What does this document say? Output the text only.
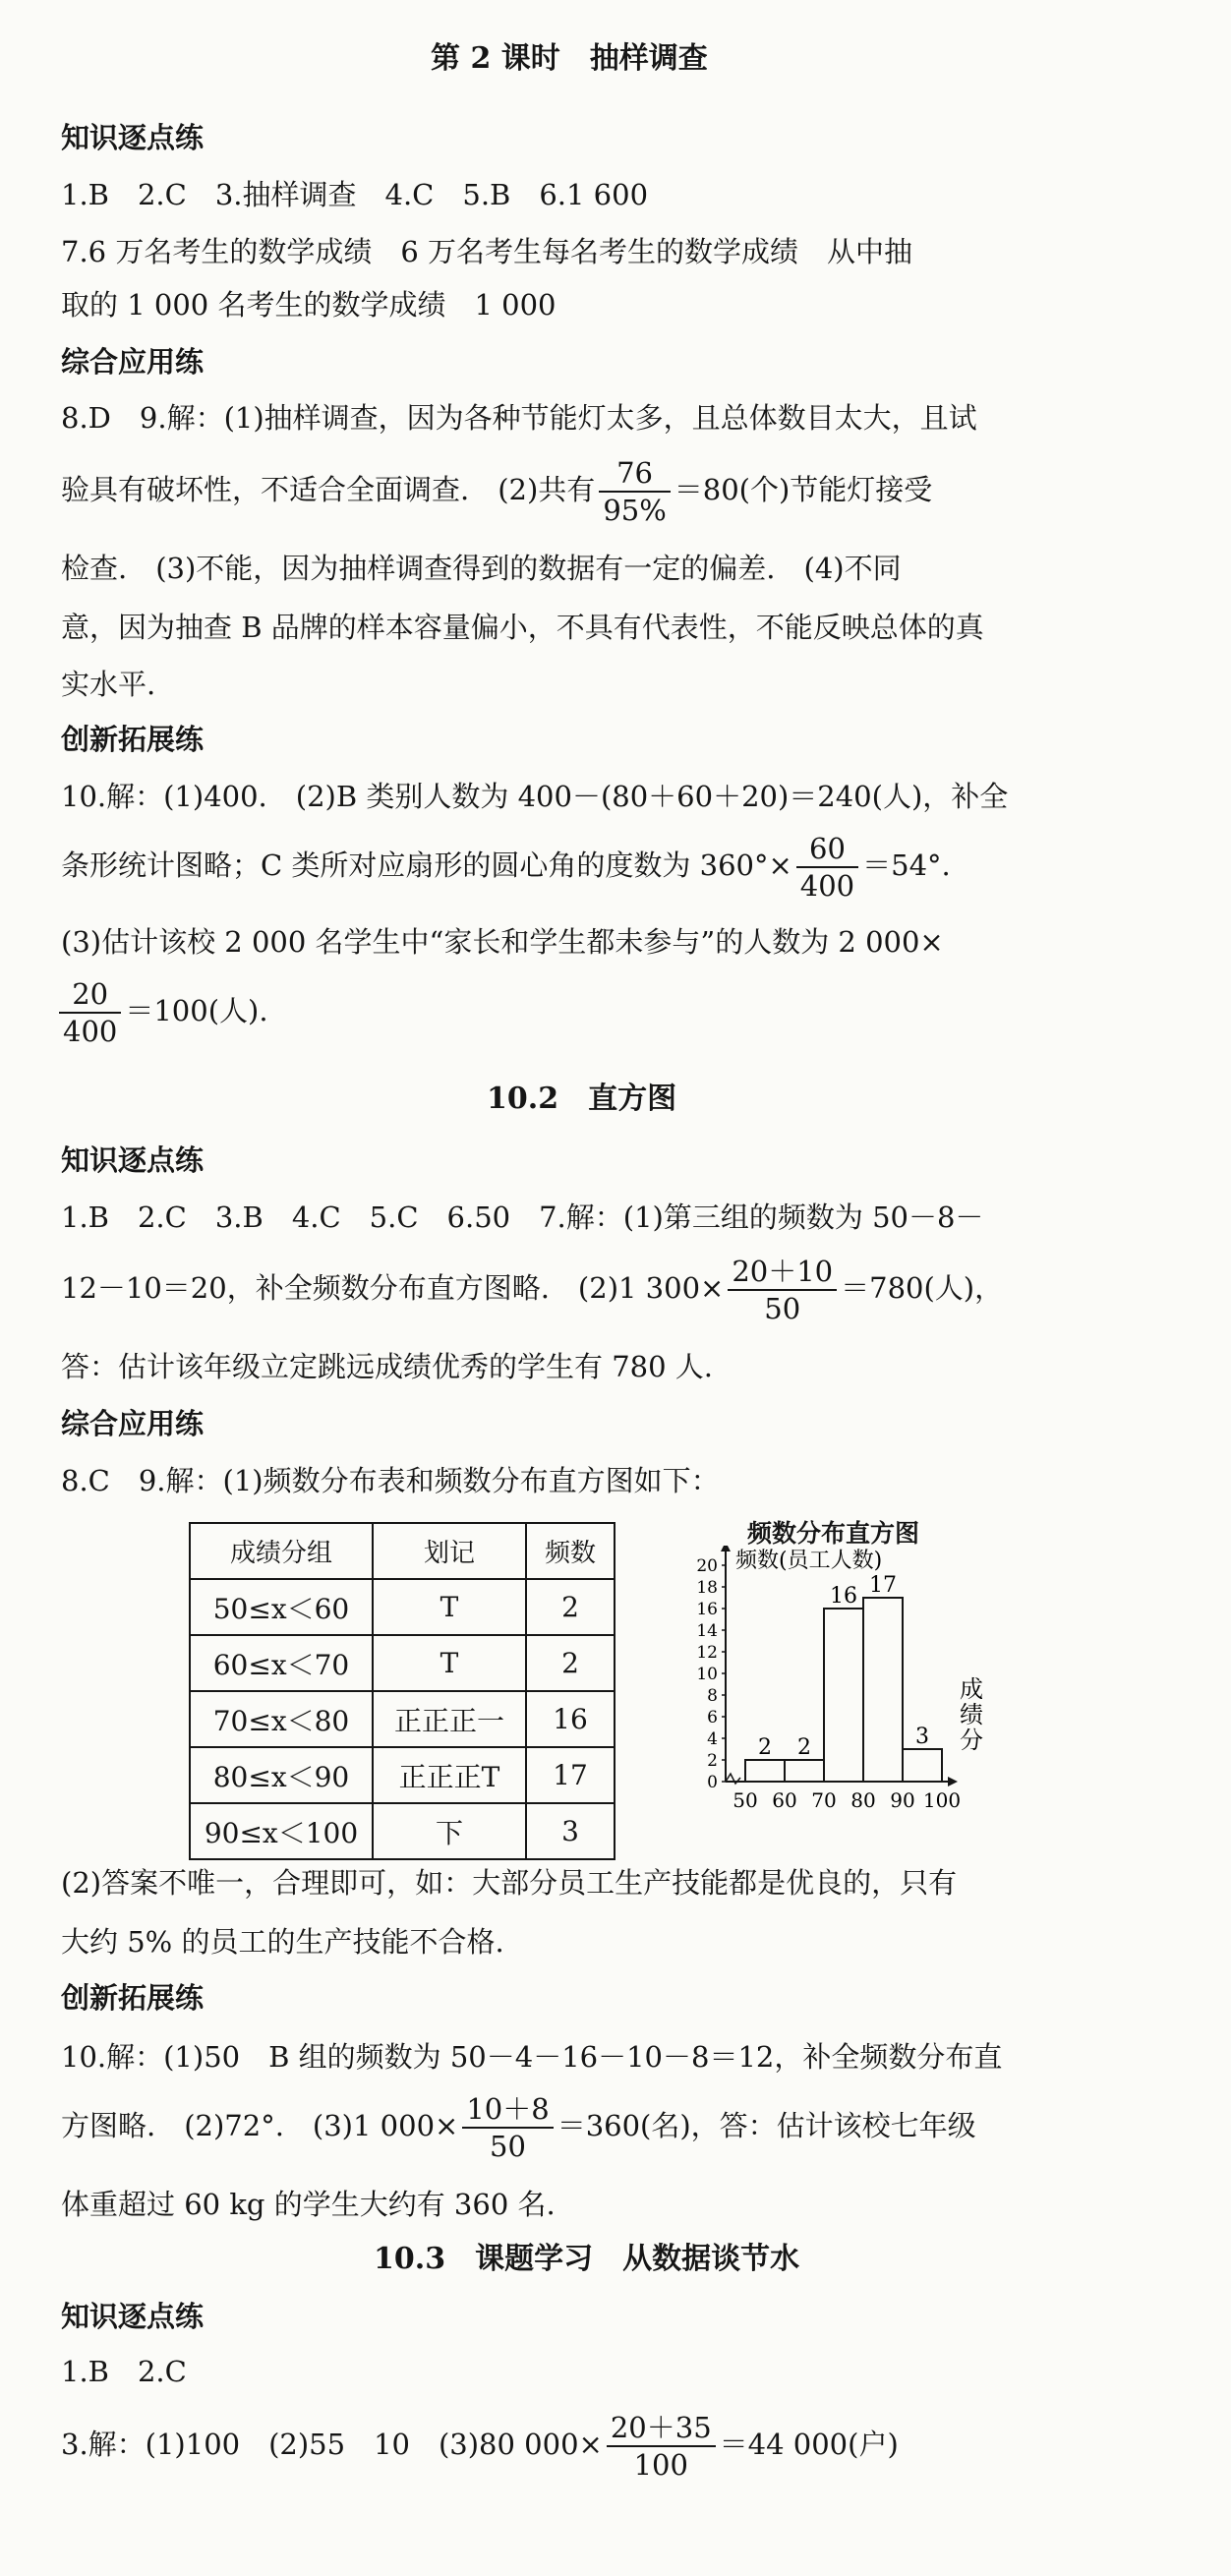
第 2 课时　抽样调查
知识逐点练
1.B　2.C　3.抽样调查　4.C　5.B　6.1 600
7.6 万名考生的数学成绩　6 万名考生每名考生的数学成绩　从中抽
取的 1 000 名考生的数学成绩　1 000
综合应用练
8.D　9.解：(1)抽样调查，因为各种节能灯太多，且总体数目太大，且试
验具有破坏性，不适合全面调查.　(2)共有 $\frac{76}{95\%} =80$(个)节能灯接受
检查.　(3)不能，因为抽样调查得到的数据有一定的偏差.　(4)不同
意，因为抽查 B 品牌的样本容量偏小，不具有代表性，不能反映总体的真
实水平.
创新拓展练
10.解：(1)400.　(2)B 类别人数为 400－(80＋60＋20)＝240(人)，补全
条形统计图略；C 类所对应扇形的圆心角的度数为 $360^\circ\times \frac{60}{400} =54^\circ$.
(3)估计该校 2 000 名学生中“家长和学生都未参与”的人数为 2 000×
$\frac{20}{400} =100$(人).
10.2　直方图
知识逐点练
1.B　2.C　3.B　4.C　5.C　6.50　7.解：(1)第三组的频数为 50－8－
12－10＝20，补全频数分布直方图略.　(2)1 $300\times \frac{20+10}{50} =780$(人)，
答：估计该年级立定跳远成绩优秀的学生有 780 人.
综合应用练
8.C　9.解：(1)频数分布表和频数分布直方图如下：
成绩分组	划记	频数
50≤x＜60	T	2
60≤x＜70	T	2
70≤x＜80	正正正一	16
80≤x＜90	正正正T	17
90≤x＜100	下	3
频数分布直方图
0
2
4
6
8
10
12
14
16
18
20
2 2
16 17
3
50 60 70 80 90 100
频数(员工人数)
成
绩
分
(2)答案不唯一，合理即可，如：大部分员工生产技能都是优良的，只有
大约 5% 的员工的生产技能不合格.
创新拓展练
10.解：(1)50　B 组的频数为 50－4－16－10－8＝12，补全频数分布直
方图略.　(2)72°.　(3)1 $000\times \frac{10+8}{50} =360$(名)，答：估计该校七年级
体重超过 60 kg 的学生大约有 360 名.
10.3　课题学习　从数据谈节水
知识逐点练
1.B　2.C
3.解：(1)100　(2)55　10　(3)80 $000\times \frac{20+35}{100} =44$ 000(户)
